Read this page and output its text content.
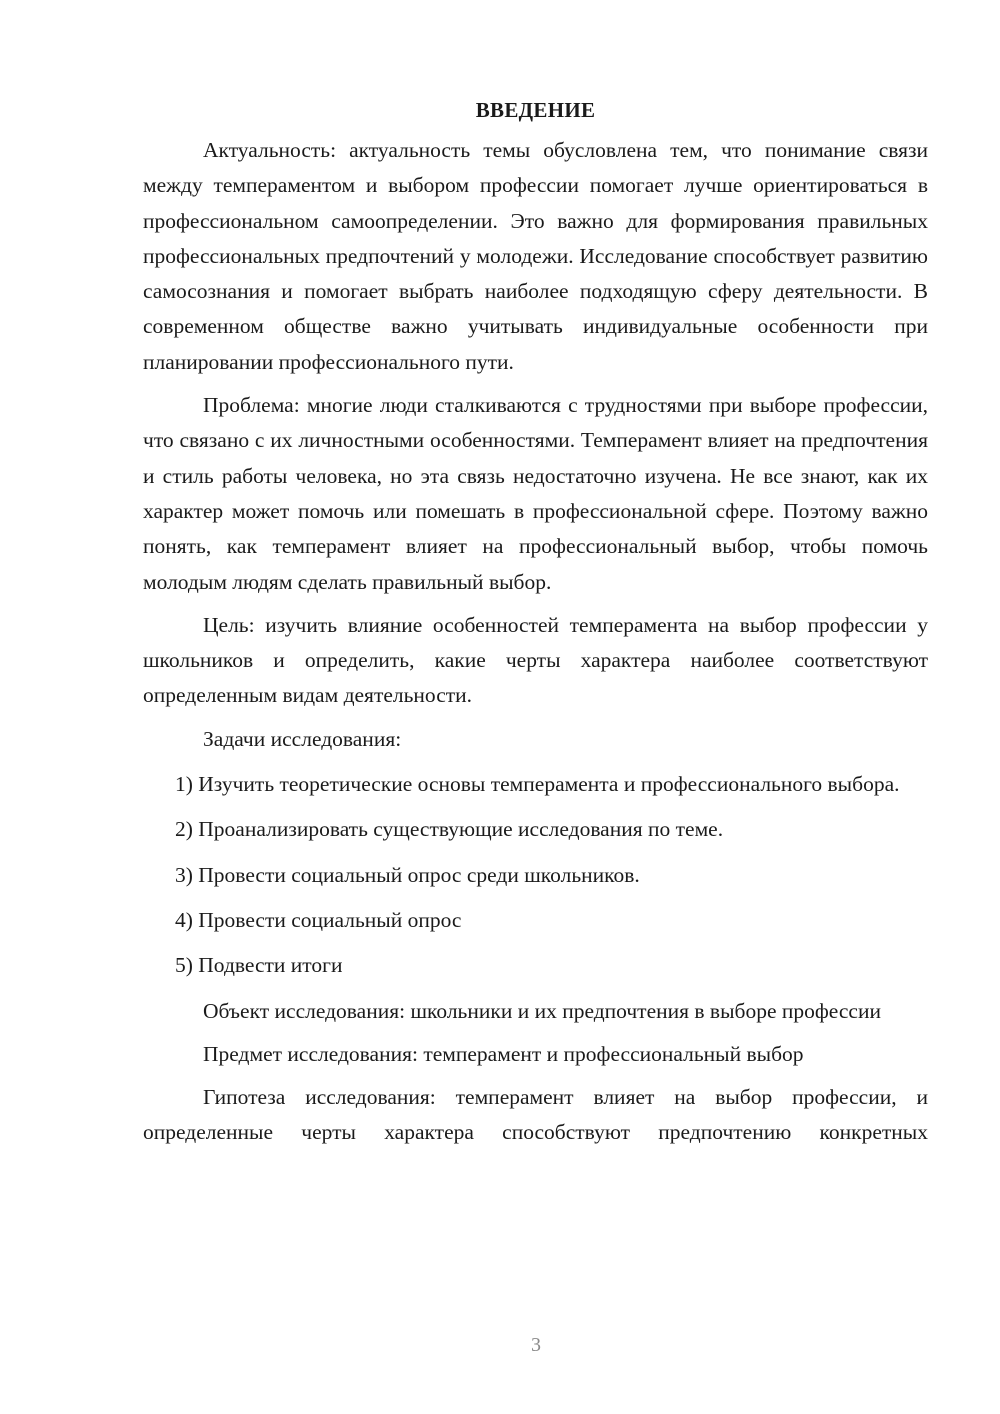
ВВЕДЕНИЕ

Актуальность: актуальность темы обусловлена тем, что понимание связи между темпераментом и выбором профессии помогает лучше ориентироваться в профессиональном самоопределении. Это важно для формирования правильных профессиональных предпочтений у молодежи. Исследование способствует развитию самосознания и помогает выбрать наиболее подходящую сферу деятельности. В современном обществе важно учитывать индивидуальные особенности при планировании профессионального пути.

Проблема: многие люди сталкиваются с трудностями при выборе профессии, что связано с их личностными особенностями. Темперамент влияет на предпочтения и стиль работы человека, но эта связь недостаточно изучена. Не все знают, как их характер может помочь или помешать в профессиональной сфере. Поэтому важно понять, как темперамент влияет на профессиональный выбор, чтобы помочь молодым людям сделать правильный выбор.

Цель: изучить влияние особенностей темперамента на выбор профессии у школьников и определить, какие черты характера наиболее соответствуют определенным видам деятельности.

Задачи исследования:

1) Изучить теоретические основы темперамента и профессионального выбора.

2) Проанализировать существующие исследования по теме.

3) Провести социальный опрос среди школьников.

4) Провести социальный опрос

5) Подвести итоги

Объект исследования: школьники и их предпочтения в выборе профессии

Предмет исследования: темперамент и профессиональный выбор

Гипотеза исследования: темперамент влияет на выбор профессии, и определенные черты характера способствуют предпочтению конкретных

3
